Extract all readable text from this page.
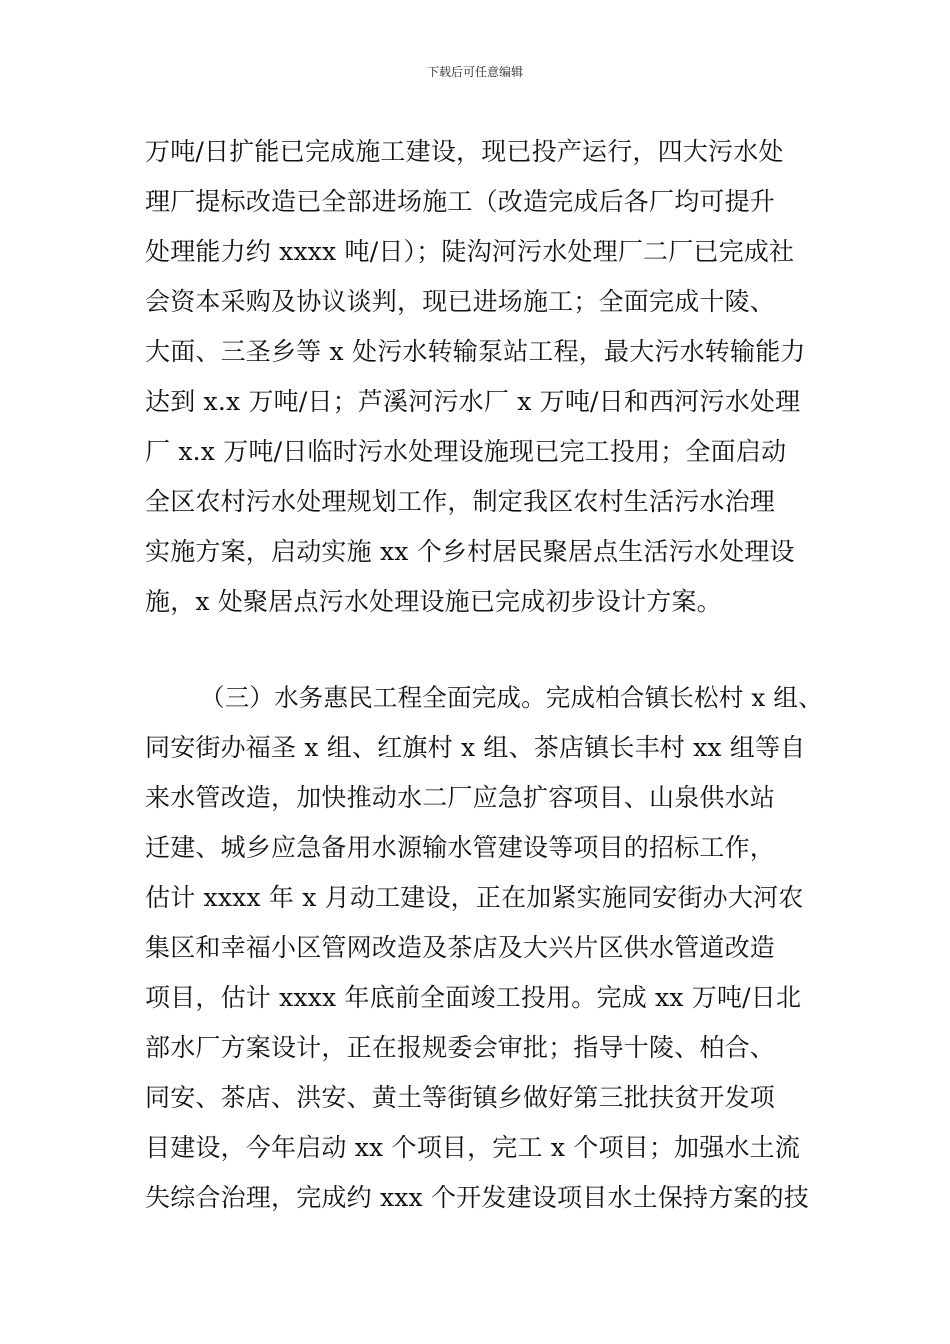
下载后可任意编辑

万吨/日扩能已完成施工建设，现已投产运行，四大污水处

理厂提标改造已全部进场施工（改造完成后各厂均可提升

处理能力约 xxxx 吨/日）；陡沟河污水处理厂二厂已完成社

会资本采购及协议谈判，现已进场施工；全面完成十陵、

大面、三圣乡等 x 处污水转输泵站工程，最大污水转输能力

达到 x.x 万吨/日；芦溪河污水厂 x 万吨/日和西河污水处理

厂 x.x 万吨/日临时污水处理设施现已完工投用；全面启动

全区农村污水处理规划工作，制定我区农村生活污水治理

实施方案，启动实施 xx 个乡村居民聚居点生活污水处理设

施，x 处聚居点污水处理设施已完成初步设计方案。

（三）水务惠民工程全面完成。完成柏合镇长松村 x 组、

同安街办福圣 x 组、红旗村 x 组、茶店镇长丰村 xx 组等自

来水管改造，加快推动水二厂应急扩容项目、山泉供水站

迁建、城乡应急备用水源输水管建设等项目的招标工作，

估计 xxxx 年 x 月动工建设，正在加紧实施同安街办大河农

集区和幸福小区管网改造及茶店及大兴片区供水管道改造

项目，估计 xxxx 年底前全面竣工投用。完成 xx 万吨/日北

部水厂方案设计，正在报规委会审批；指导十陵、柏合、

同安、茶店、洪安、黄土等街镇乡做好第三批扶贫开发项

目建设，今年启动 xx 个项目，完工 x 个项目；加强水土流

失综合治理，完成约 xxx 个开发建设项目水土保持方案的技
